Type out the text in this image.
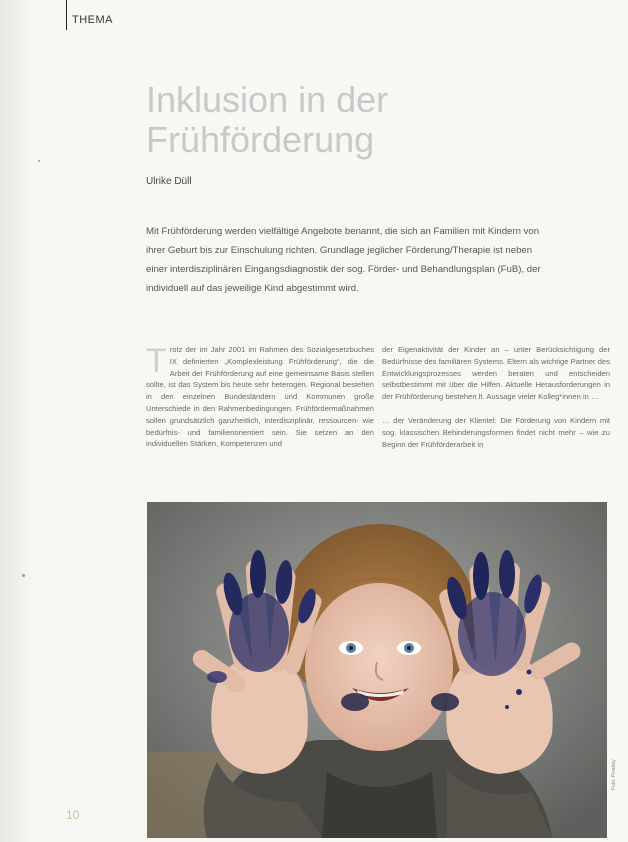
THEMA
Inklusion in der
Frühförderung
Ulrike Düll

Mit Frühförderung werden vielfältige Angebote benannt, die sich an Familien mit Kindern von ihrer Geburt bis zur Einschulung richten. Grundlage jeglicher Förderung/Therapie ist neben einer interdisziplinären Eingangsdiagnostik der sog. Förder- und Behandlungsplan (FuB), der individuell auf das jeweilige Kind abgestimmt wird.

T rotz der im Jahr 2001 im Rahmen des Sozialgesetzbuches IX definierten „Komplexleistung Frühförderung“, die die Arbeit der Frühförderung auf eine gemeinsame Basis stellen sollte, ist das System bis heute sehr heterogen. Regional bestehen in den einzelnen Bundesländern und Kommunen große Unterschiede in den Rahmenbedingungen. Frühfördermaßnahmen sollen grundsätzlich ganzheitlich, interdisziplinär, ressourcen- wie bedürfnis- und familienorientiert sein. Sie setzen an den individuellen Stärken, Kompetenzen und

der Eigenaktivität der Kinder an – unter Berücksichtigung der Bedürfnisse des familiären Systems. Eltern als wichtige Partner des Entwicklungsprozesses werden beraten und entscheiden selbstbestimmt mit über die Hilfen. Aktuelle Herausforderungen in der Frühförderung bestehen lt. Aussage vieler Kolleg*innen in …
… der Veränderung der Klientel: Die Förderung von Kindern mit sog. klassischen Behinderungsformen findet nicht mehr – wie zu Beginn der Frühförderarbeit in
10
Foto: Pixabay
